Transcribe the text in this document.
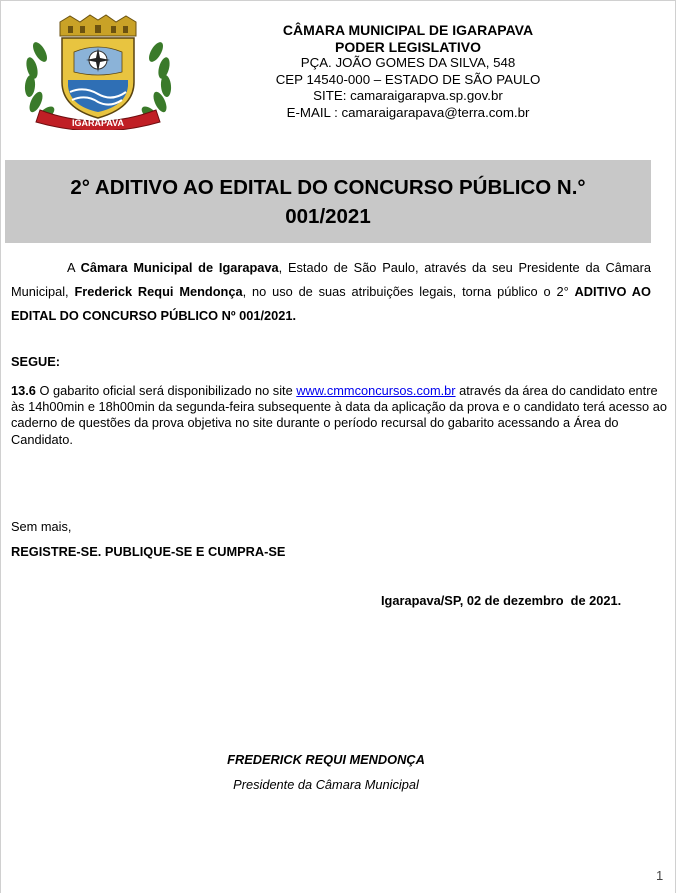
IGARAPAVA
CÂMARA MUNICIPAL DE IGARAPAVA
PODER LEGISLATIVO
PÇA. JOÃO GOMES DA SILVA, 548
CEP 14540-000 – ESTADO DE SÃO PAULO
SITE: camaraigarapva.sp.gov.br
E-MAIL : camaraigarapava@terra.com.br
2° ADITIVO AO EDITAL DO CONCURSO PÚBLICO N.° 001/2021
A Câmara Municipal de Igarapava, Estado de São Paulo, através da seu Presidente da Câmara Municipal, Frederick Requi Mendonça, no uso de suas atribuições legais, torna público o 2° ADITIVO AO EDITAL DO CONCURSO PÚBLICO Nº 001/2021.
SEGUE:
13.6 O gabarito oficial será disponibilizado no site www.cmmconcursos.com.br através da área do candidato entre às 14h00min e 18h00min da segunda-feira subsequente à data da aplicação da prova e o candidato terá acesso ao caderno de questões da prova objetiva no site durante o período recursal do gabarito acessando a Área do Candidato.
Sem mais,
REGISTRE-SE. PUBLIQUE-SE E CUMPRA-SE
Igarapava/SP, 02 de dezembro  de 2021.
FREDERICK REQUI MENDONÇA
Presidente da Câmara Municipal
1
